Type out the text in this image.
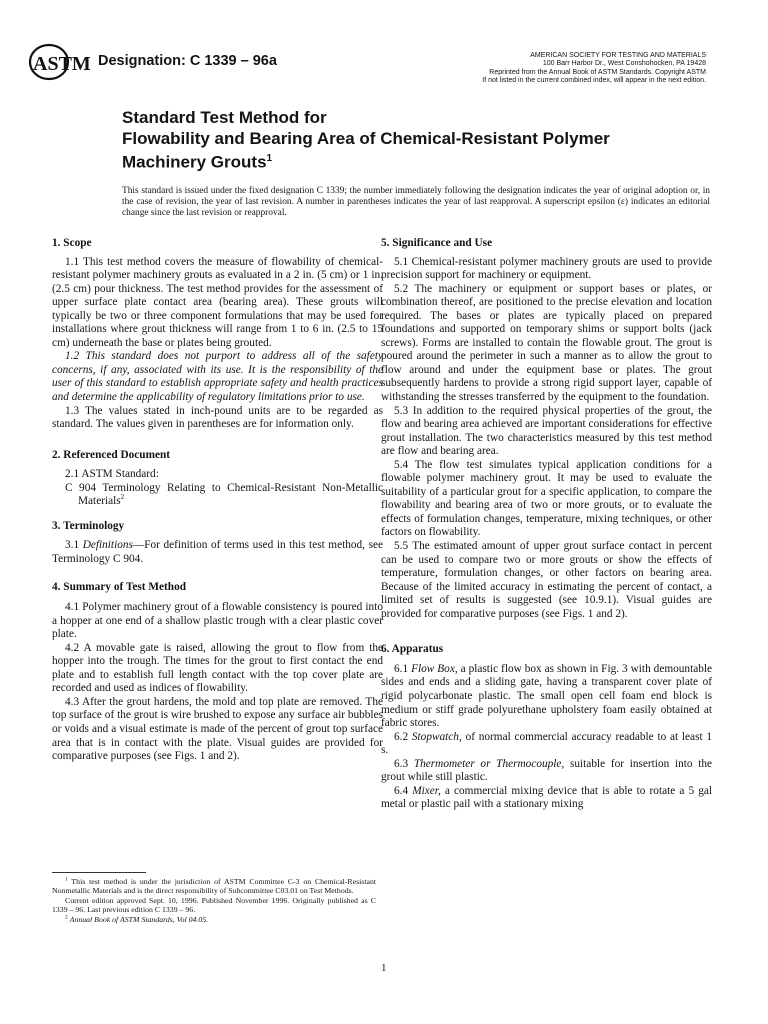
ASTM Designation: C 1339 – 96a	AMERICAN SOCIETY FOR TESTING AND MATERIALS
100 Barr Harbor Dr., West Conshohocken, PA 19428
Reprinted from the Annual Book of ASTM Standards. Copyright ASTM
If not listed in the current combined index, will appear in the next edition.
Standard Test Method for
Flowability and Bearing Area of Chemical-Resistant Polymer
Machinery Grouts$^1$
This standard is issued under the fixed designation C 1339; the number immediately following the designation indicates the year of original adoption or, in the case of revision, the year of last revision. A number in parentheses indicates the year of last reapproval. A superscript epsilon (ε) indicates an editorial change since the last revision or reapproval.
1. Scope

1.1 This test method covers the measure of flowability of chemical-resistant polymer machinery grouts as evaluated in a 2 in. (5 cm) or 1 in. (2.5 cm) pour thickness. The test method provides for the assessment of upper surface plate contact area (bearing area). These grouts will typically be two or three component formulations that may be used for installations where grout thickness will range from 1 to 6 in. (2.5 to 15 cm) underneath the base or plates being grouted.

1.2 This standard does not purport to address all of the safety concerns, if any, associated with its use. It is the responsibility of the user of this standard to establish appropriate safety and health practices and determine the applicability of regulatory limitations prior to use.

1.3 The values stated in inch-pound units are to be regarded as standard. The values given in parentheses are for information only.

2. Referenced Document

2.1 ASTM Standard:

C 904 Terminology Relating to Chemical-Resistant Non-Metallic Materials$^2$

3. Terminology

3.1 Definitions—For definition of terms used in this test method, see Terminology C 904.

4. Summary of Test Method

4.1 Polymer machinery grout of a flowable consistency is poured into a hopper at one end of a shallow plastic trough with a clear plastic cover plate.

4.2 A movable gate is raised, allowing the grout to flow from the hopper into the trough. The times for the grout to first contact the end plate and to establish full length contact with the top cover plate are recorded and used as indices of flowability.

4.3 After the grout hardens, the mold and top plate are removed. The top surface of the grout is wire brushed to expose any surface air bubbles or voids and a visual estimate is made of the percent of grout top surface area that is in contact with the plate. Visual guides are provided for comparative purposes (see Figs. 1 and 2).

5. Significance and Use

5.1 Chemical-resistant polymer machinery grouts are used to provide precision support for machinery or equipment.

5.2 The machinery or equipment or support bases or plates, or combination thereof, are positioned to the precise elevation and location required. The bases or plates are typically placed on prepared foundations and supported on temporary shims or support bolts (jack screws). Forms are installed to contain the flowable grout. The grout is poured around the perimeter in such a manner as to allow the grout to flow around and under the equipment base or plates. The grout subsequently hardens to provide a strong rigid support layer, capable of withstanding the stresses transferred by the equipment to the foundation.

5.3 In addition to the required physical properties of the grout, the flow and bearing area achieved are important considerations for effective grout installation. The two characteristics measured by this test method are flow and bearing area.

5.4 The flow test simulates typical application conditions for a flowable polymer machinery grout. It may be used to evaluate the suitability of a particular grout for a specific application, to compare the flowability and bearing area of two or more grouts, or to evaluate the effects of formulation changes, temperature, mixing techniques, or other factors on flowability.

5.5 The estimated amount of upper grout surface contact in percent can be used to compare two or more grouts or show the effects of temperature, formulation changes, or other factors on bearing area. Because of the limited accuracy in estimating the percent of contact, a limited set of results is suggested (see 10.9.1). Visual guides are provided for comparative purposes (see Figs. 1 and 2).

6. Apparatus

6.1 Flow Box, a plastic flow box as shown in Fig. 3 with demountable sides and ends and a sliding gate, having a transparent cover plate of rigid polycarbonate plastic. The small open cell foam end block is medium or stiff grade polyurethane upholstery foam easily obtained at fabric stores.

6.2 Stopwatch, of normal commercial accuracy readable to at least 1 s.

6.3 Thermometer or Thermocouple, suitable for insertion into the grout while still plastic.

6.4 Mixer, a commercial mixing device that is able to rotate a 5 gal metal or plastic pail with a stationary mixing

$^1$ This test method is under the jurisdiction of ASTM Committee C-3 on Chemical-Resistant Nonmetallic Materials and is the direct responsibility of Subcommittee C03.01 on Test Methods.

Current edition approved Sept. 10, 1996. Published November 1996. Originally published as C 1339 – 96. Last previous edition C 1339 – 96.

$^2$ Annual Book of ASTM Standards, Vol 04.05.

1
